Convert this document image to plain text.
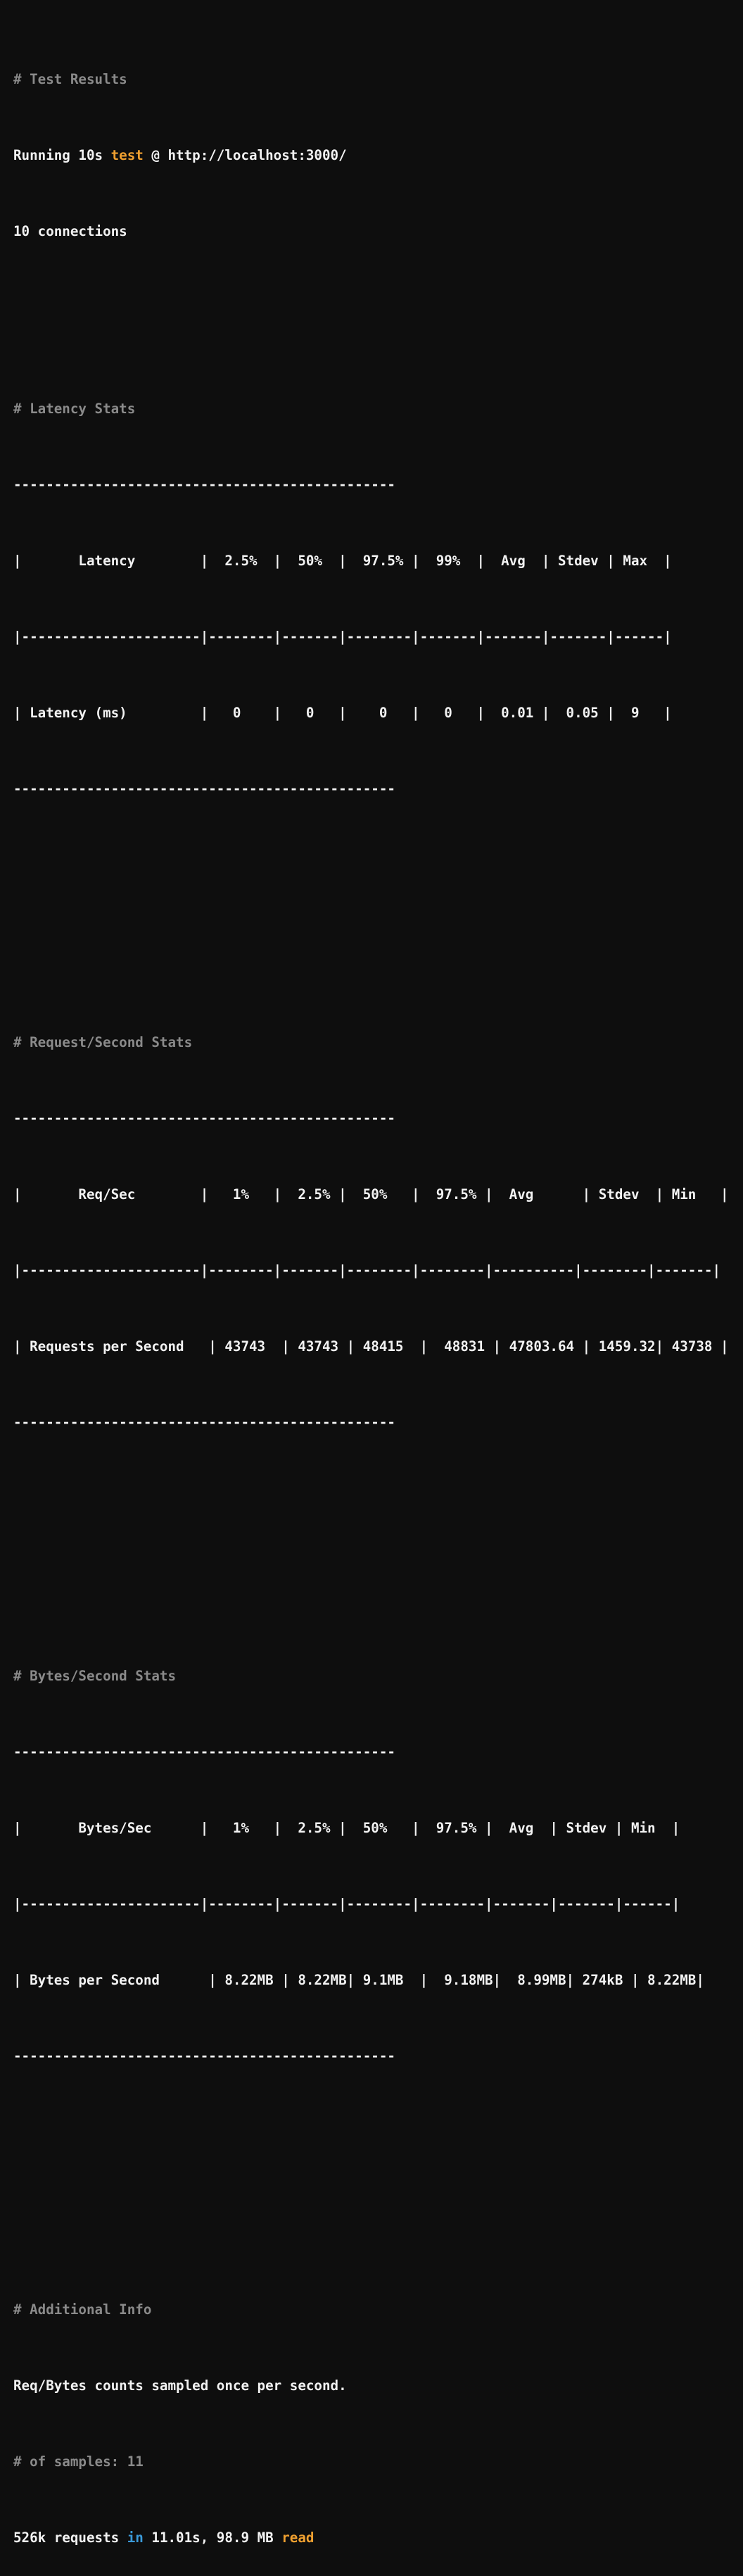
# Test Results

Running 10s test @ http://localhost:3000/

10 connections

# Latency Stats

-----------------------------------------------

|       Latency        |  2.5%  |  50%  |  97.5% |  99%  |  Avg  | Stdev | Max  |

|----------------------|--------|-------|--------|-------|-------|-------|------|

| Latency (ms)         |   0    |   0   |    0   |   0   |  0.01 |  0.05 |  9   |

-----------------------------------------------

# Request/Second Stats

-----------------------------------------------

|       Req/Sec        |   1%   |  2.5% |  50%   |  97.5% |  Avg      | Stdev  | Min   |

|----------------------|--------|-------|--------|--------|----------|--------|-------|

| Requests per Second   | 43743  | 43743 | 48415  |  48831 | 47803.64 | 1459.32| 43738 |

-----------------------------------------------

# Bytes/Second Stats

-----------------------------------------------

|       Bytes/Sec      |   1%   |  2.5% |  50%   |  97.5% |  Avg  | Stdev | Min  |

|----------------------|--------|-------|--------|--------|-------|-------|------|

| Bytes per Second      | 8.22MB | 8.22MB| 9.1MB  |  9.18MB|  8.99MB| 274kB | 8.22MB|

-----------------------------------------------

# Additional Info

Req/Bytes counts sampled once per second.

# of samples: 11

526k requests in 11.01s, 98.9 MB read
